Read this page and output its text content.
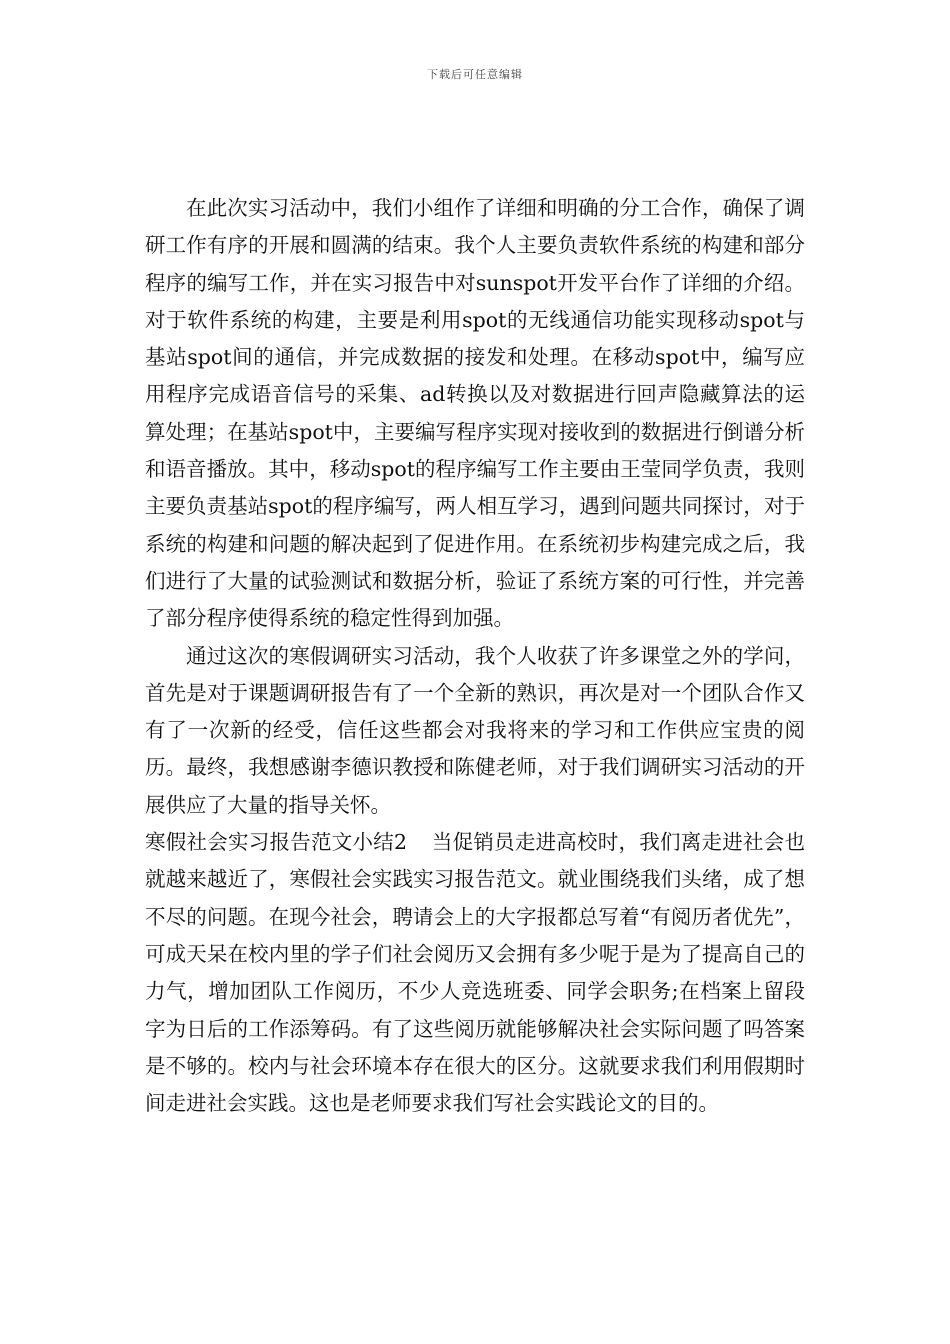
下载后可任意编辑

在此次实习活动中，我们小组作了详细和明确的分工合作，确保了调研工作有序的开展和圆满的结束。我个人主要负责软件系统的构建和部分程序的编写工作，并在实习报告中对sunspot开发平台作了详细的介绍。对于软件系统的构建，主要是利用spot的无线通信功能实现移动spot与基站spot间的通信，并完成数据的接发和处理。在移动spot中，编写应用程序完成语音信号的采集、ad转换以及对数据进行回声隐藏算法的运算处理；在基站spot中，主要编写程序实现对接收到的数据进行倒谱分析和语音播放。其中，移动spot的程序编写工作主要由王莹同学负责，我则主要负责基站spot的程序编写，两人相互学习，遇到问题共同探讨，对于系统的构建和问题的解决起到了促进作用。在系统初步构建完成之后，我们进行了大量的试验测试和数据分析，验证了系统方案的可行性，并完善了部分程序使得系统的稳定性得到加强。

通过这次的寒假调研实习活动，我个人收获了许多课堂之外的学问，首先是对于课题调研报告有了一个全新的熟识，再次是对一个团队合作又有了一次新的经受，信任这些都会对我将来的学习和工作供应宝贵的阅历。最终，我想感谢李德识教授和陈健老师，对于我们调研实习活动的开展供应了大量的指导关怀。

寒假社会实习报告范文小结2 当促销员走进高校时，我们离走进社会也就越来越近了，寒假社会实践实习报告范文。就业围绕我们头绪，成了想不尽的问题。在现今社会，聘请会上的大字报都总写着“有阅历者优先”，可成天呆在校内里的学子们社会阅历又会拥有多少呢于是为了提高自己的力气，增加团队工作阅历，不少人竞选班委、同学会职务;在档案上留段字为日后的工作添筹码。有了这些阅历就能够解决社会实际问题了吗答案是不够的。校内与社会环境本存在很大的区分。这就要求我们利用假期时间走进社会实践。这也是老师要求我们写社会实践论文的目的。
